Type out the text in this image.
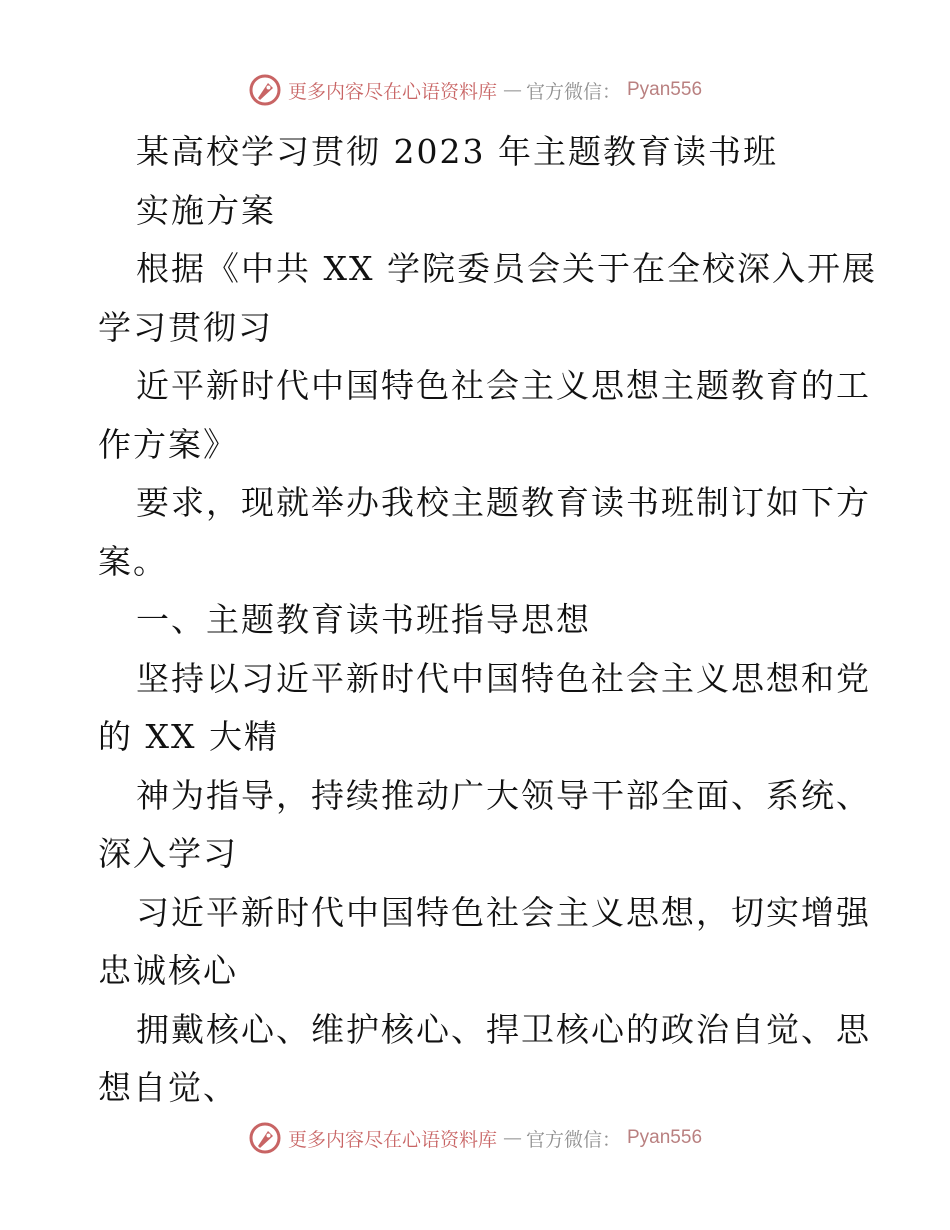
更多内容尽在心语资料库 — 官方微信： Pyan556
某高校学习贯彻 2023 年主题教育读书班
实施方案
根据《中共 XX 学院委员会关于在全校深入开展
学习贯彻习
近平新时代中国特色社会主义思想主题教育的工
作方案》
要求，现就举办我校主题教育读书班制订如下方
案。
一、主题教育读书班指导思想
坚持以习近平新时代中国特色社会主义思想和党
的 XX 大精
神为指导，持续推动广大领导干部全面、系统、
深入学习
习近平新时代中国特色社会主义思想，切实增强
忠诚核心
拥戴核心、维护核心、捍卫核心的政治自觉、思
想自觉、
更多内容尽在心语资料库 — 官方微信： Pyan556
